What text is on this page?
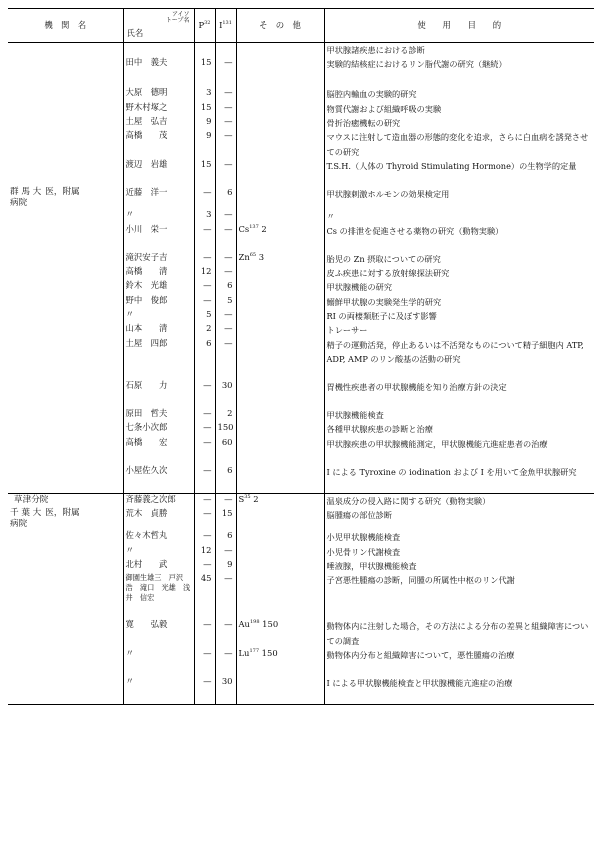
機　関　名	アイソ
トープ名
氏名	$P^{32}$	$I^{131}$	そ　の　他	使　　用　　目　　的
					甲状腺諸疾患における診断
	田中　義夫	15	—		実験的結核症におけるリン脂代謝の研究（継続）
	大原　德明	3	—		脳腔内輸血の実験的研究
	野木村塚之	15	—		物質代謝および組織呼吸の実験
	土屋　弘吉	9	—		骨折治癒機転の研究
	高橋　　茂	9	—		マウスに注射して造血器の形態的変化を追求，さらに白血病を誘発させての研究
	渡辺　岩雄	15	—		T.S.H.（人体の Thyroid Stimulating Hormone）の生物学的定量
群 馬 大 医，附属
病院	近藤　洋一	—	6		甲状腺刺激ホルモンの効果検定用
	〃	3	—		〃
	小川　栄一	—	—	Cs$^{137}$ 2	Cs の排泄を促進させる薬物の研究（動物実験）
	滝沢安子吉	—	—	Zn$^{65}$ 3	胎児の Zn 摂取についての研究
	高橋　　清	12	—		皮ふ疾患に対する放射線探法研究
	鈴木　光雄	—	6		甲状腺機能の研究
	野中　俊郎	—	5		鰯鮮甲状腺の実験発生学的研究
	〃	5	—		RI の両棲類胚子に及ぼす影響
	山本　　清	2	—		トレーサー
	土屋　四郎	6	—		精子の運動活発，停止あるいは不活発なものについて精子細胞内 ATP, ADP, AMP のリン酸基の活動の研究
	石原　　力	—	30		胃機性疾患者の甲状腺機能を知り治療方針の決定
	原田　哲夫	—	2		甲状腺機能検査
	七条小次郎	—	150		各種甲状腺疾患の診断と治療
	高橋　　宏	—	60		甲状腺疾患の甲状腺機能測定，甲状腺機能亢進症患者の治療
	小屋佐久次	—	6		I による Tyroxine の iodination および I を用いて金魚甲状腺研究
草津分院	斉藤義之次郎	—	—	$S^{35}$ 2	温泉成分の侵入路に関する研究（動物実験）
千 葉 大 医，附属
病院	荒木　貞勝	—	15		脳腫瘍の部位診断
	佐々木哲丸	—	6		小児甲状腺機能検査
	〃	12	—		小児骨リン代謝検査
	北村　　武	—	9		唾液腺，甲状腺機能検査
	御園生雄三　戸沢　　浩　滝口　光雄　浅井　信宏	45	—		子宮悪性腫瘍の診断，同腫の所属性中枢のリン代謝
	寛　　弘毅	—	—	Au$^{198}$ 150	動物体内に注射した場合，その方法による分布の差異と組織障害についての調査
	〃	—	—	Lu$^{177}$ 150	動物体内分布と組織障害について，悪性腫瘍の治療
	〃	—	30		I による甲状腺機能検査と甲状腺機能亢進症の治療
